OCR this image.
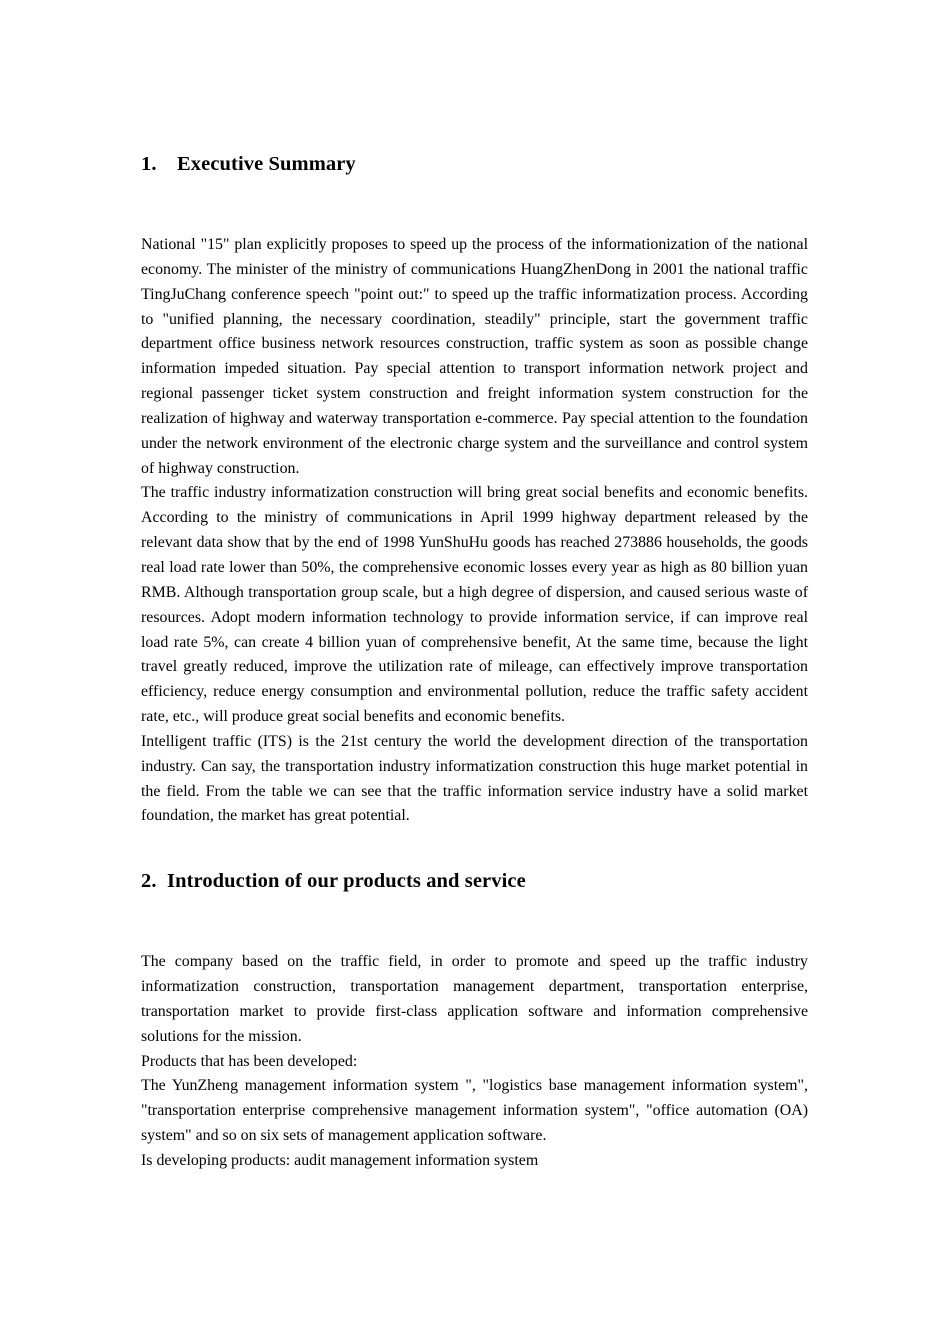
1. Executive Summary

National "15" plan explicitly proposes to speed up the process of the informationization of the national economy. The minister of the ministry of communications HuangZhenDong in 2001 the national traffic TingJuChang conference speech "point out:" to speed up the traffic informatization process. According to "unified planning, the necessary coordination, steadily" principle, start the government traffic department office business network resources construction, traffic system as soon as possible change information impeded situation. Pay special attention to transport information network project and regional passenger ticket system construction and freight information system construction for the realization of highway and waterway transportation e-commerce. Pay special attention to the foundation under the network environment of the electronic charge system and the surveillance and control system of highway construction.

The traffic industry informatization construction will bring great social benefits and economic benefits. According to the ministry of communications in April 1999 highway department released by the relevant data show that by the end of 1998 YunShuHu goods has reached 273886 households, the goods real load rate lower than 50%, the comprehensive economic losses every year as high as 80 billion yuan RMB. Although transportation group scale, but a high degree of dispersion, and caused serious waste of resources. Adopt modern information technology to provide information service, if can improve real load rate 5%, can create 4 billion yuan of comprehensive benefit, At the same time, because the light travel greatly reduced, improve the utilization rate of mileage, can effectively improve transportation efficiency, reduce energy consumption and environmental pollution, reduce the traffic safety accident rate, etc., will produce great social benefits and economic benefits.

Intelligent traffic (ITS) is the 21st century the world the development direction of the transportation industry. Can say, the transportation industry informatization construction this huge market potential in the field. From the table we can see that the traffic information service industry have a solid market foundation, the market has great potential.

2. Introduction of our products and service

The company based on the traffic field, in order to promote and speed up the traffic industry informatization construction, transportation management department, transportation enterprise, transportation market to provide first-class application software and information comprehensive solutions for the mission.

Products that has been developed:

The YunZheng management information system ", "logistics base management information system", "transportation enterprise comprehensive management information system", "office automation (OA) system" and so on six sets of management application software.

Is developing products: audit management information system
